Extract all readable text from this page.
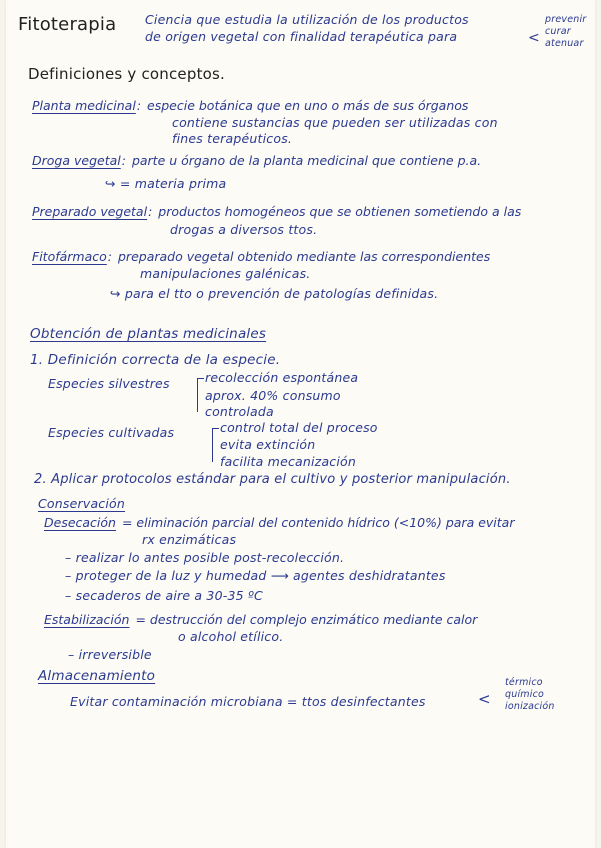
Fitoterapia Ciencia que estudia la utilización de los productos
de origen vegetal con finalidad terapéutica para	<
prevenir
curar
atenuar
Definiciones y conceptos.
Planta medicinal : especie botánica que en uno o más de sus órganos
contiene sustancias que pueden ser utilizadas con
fines terapéuticos.
Droga vegetal : parte u órgano de la planta medicinal que contiene p.a.
↪ = materia prima
Preparado vegetal : productos homogéneos que se obtienen sometiendo a las
drogas a diversos ttos.
Fitofármaco : preparado vegetal obtenido mediante las correspondientes
manipulaciones galénicas.
↪ para el tto o prevención de patologías definidas.
Obtención de plantas medicinales
1. Definición correcta de la especie.
Especies silvestres	recolección espontánea
aprox. 40% consumo
controlada
Especies cultivadas	control total del proceso
evita extinción
facilita mecanización
2. Aplicar protocolos estándar para el cultivo y posterior manipulación.
Conservación
Desecación = eliminación parcial del contenido hídrico (<10%) para evitar
rx enzimáticas
– realizar lo antes posible post-recolección.
– proteger de la luz y humedad ⟶ agentes deshidratantes
– secaderos de aire a 30-35 ºC
Estabilización = destrucción del complejo enzimático mediante calor
o alcohol etílico.
– irreversible
Almacenamiento
Evitar contaminación microbiana = ttos desinfectantes	<
térmico
químico
ionización
